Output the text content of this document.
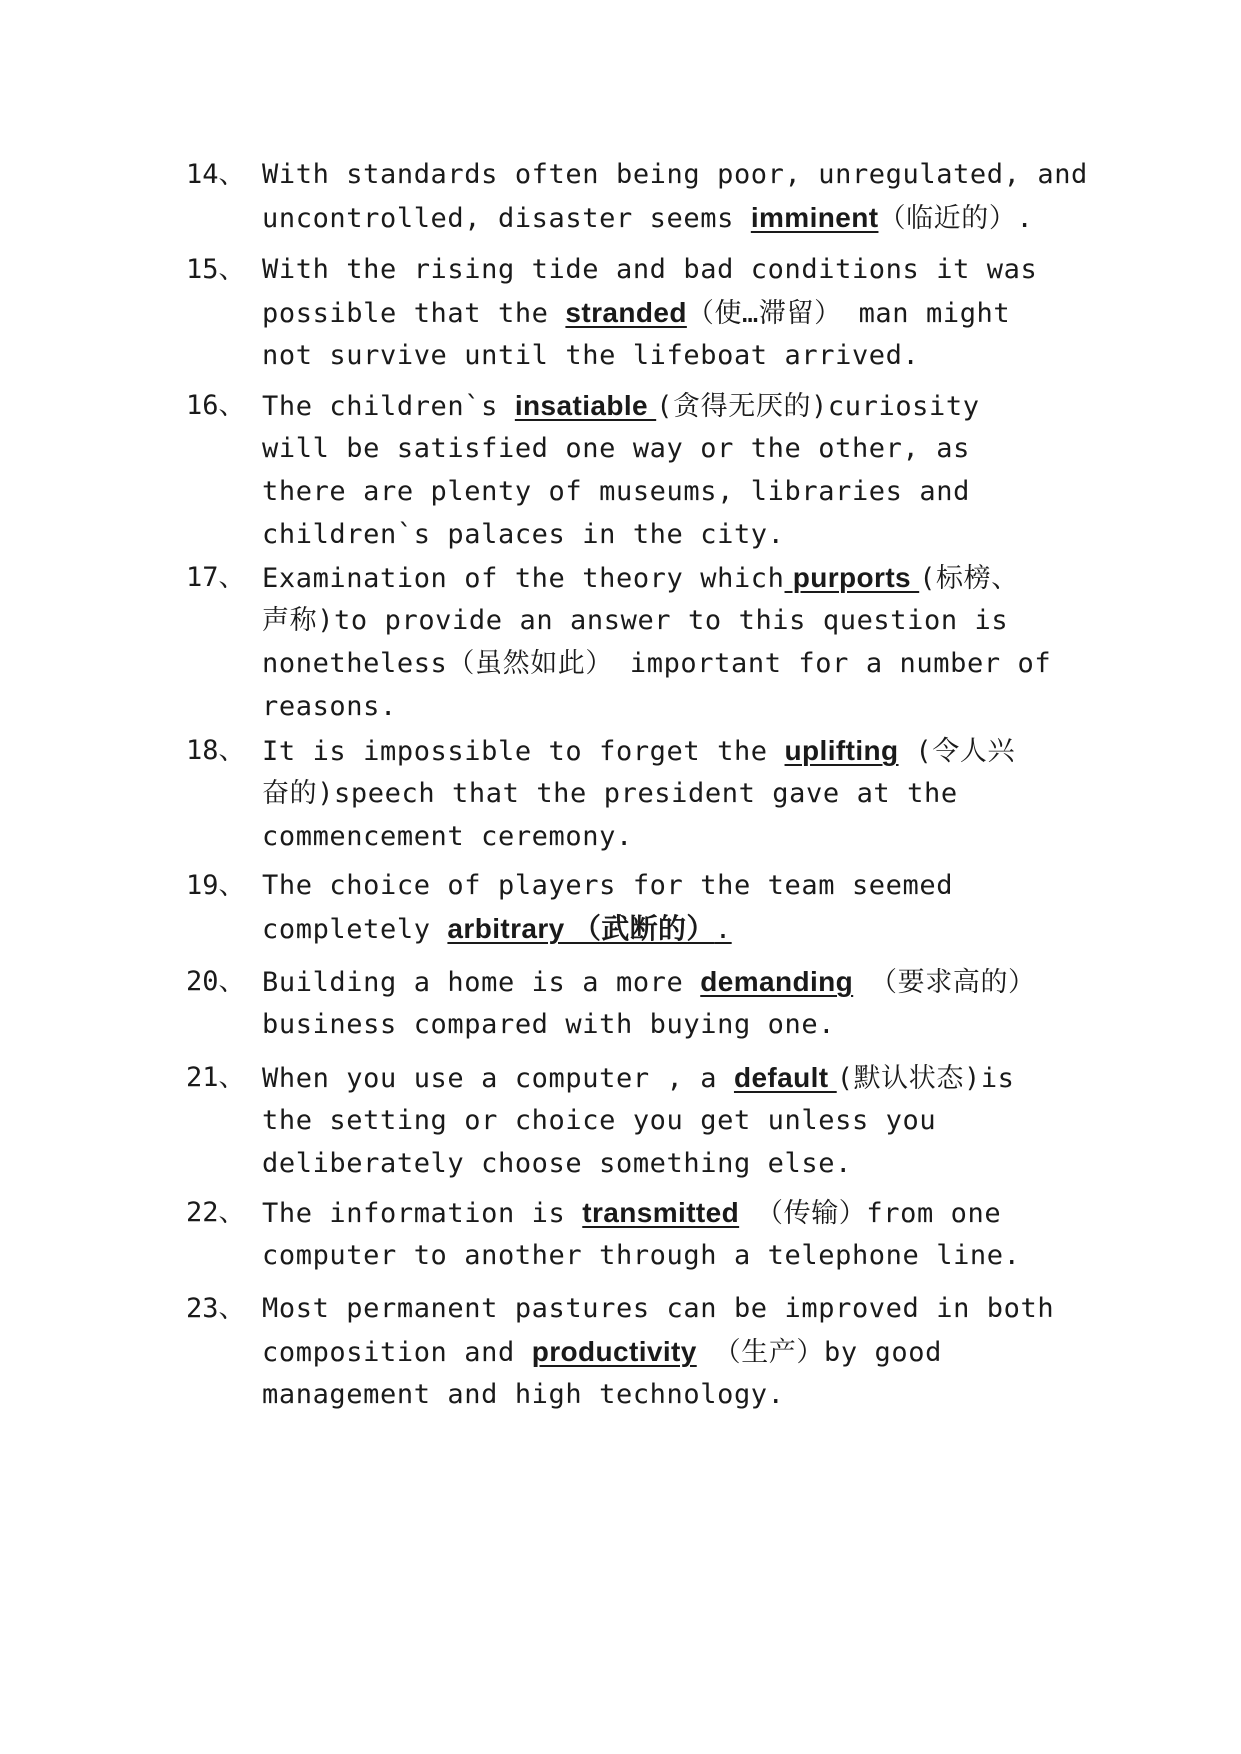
14、 With standards often being poor, unregulated, and
uncontrolled, disaster seems imminent（临近的）.
15、 With the rising tide and bad conditions it was
possible that the stranded（使…滞留） man might
not survive until the lifeboat arrived.
16、 The children`s insatiable (贪得无厌的)curiosity
will be satisfied one way or the other, as
there are plenty of museums, libraries and
children`s palaces in the city.
17、 Examination of the theory which purports (标榜、
声称)to provide an answer to this question is
nonetheless（虽然如此） important for a number of
reasons.
18、 It is impossible to forget the uplifting (令人兴
奋的)speech that the president gave at the
commencement ceremony.
19、 The choice of players for the team seemed
completely arbitrary （武断的）.
20、 Building a home is a more demanding （要求高的）
business compared with buying one.
21、 When you use a computer , a default (默认状态)is
the setting or choice you get unless you
deliberately choose something else.
22、 The information is transmitted （传输）from one
computer to another through a telephone line.
23、 Most permanent pastures can be improved in both
composition and productivity （生产）by good
management and high technology.
